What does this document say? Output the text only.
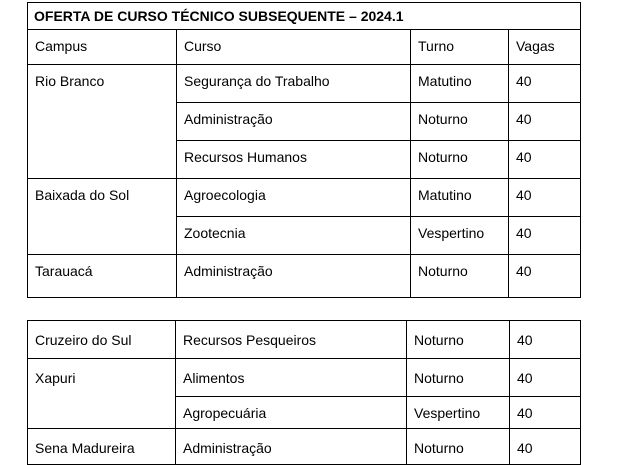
OFERTA DE CURSO TÉCNICO SUBSEQUENTE – 2024.1			
Campus	Curso	Turno	Vagas
Rio Branco	Segurança do Trabalho	Matutino	40
	Administração	Noturno	40
	Recursos Humanos	Noturno	40
Baixada do Sol	Agroecologia	Matutino	40
	Zootecnia	Vespertino	40
Tarauacá	Administração	Noturno	40
Cruzeiro do Sul	Recursos Pesqueiros	Noturno	40
Xapuri	Alimentos	Noturno	40
	Agropecuária	Vespertino	40
Sena Madureira	Administração	Noturno	40
